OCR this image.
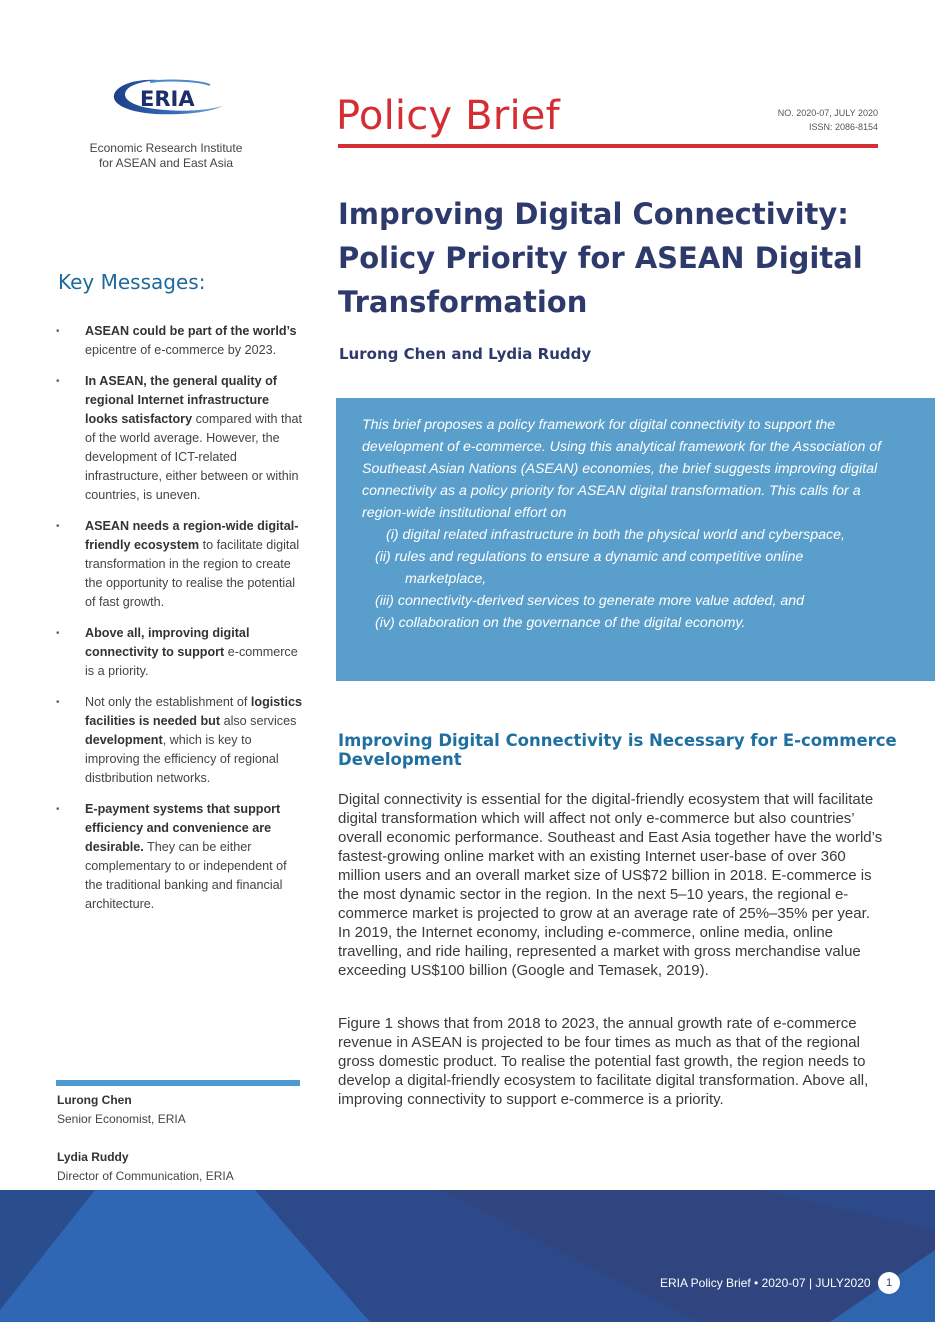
ERIA
Economic Research Institute
for ASEAN and East Asia
Policy Brief	NO. 2020-07, JULY 2020
ISSN: 2086-8154
Improving Digital Connectivity:
Policy Priority for ASEAN Digital
Transformation
Lurong Chen and Lydia Ruddy
Key Messages:
• ASEAN could be part of the world’s epicentre of e-commerce by 2023.
• In ASEAN, the general quality of regional Internet infrastructure looks satisfactory compared with that of the world average. However, the development of ICT-related infrastructure, either between or within countries, is uneven.
• ASEAN needs a region-wide digital-friendly ecosystem to facilitate digital transformation in the region to create the opportunity to realise the potential of fast growth.
• Above all, improving digital connectivity to support e-commerce is a priority.
• Not only the establishment of logistics facilities is needed but also services development, which is key to improving the efficiency of regional distbribution networks.
• E-payment systems that support efficiency and convenience are desirable. They can be either complementary to or independent of the traditional banking and financial architecture.
Lurong Chen
Senior Economist, ERIA
Lydia Ruddy
Director of Communication, ERIA
This brief proposes a policy framework for digital connectivity to support the development of e-commerce. Using this analytical framework for the Association of Southeast Asian Nations (ASEAN) economies, the brief suggests improving digital connectivity as a policy priority for ASEAN digital transformation. This calls for a region-wide institutional effort on
(i) digital related infrastructure in both the physical world and cyberspace,
(ii) rules and regulations to ensure a dynamic and competitive online
marketplace,
(iii) connectivity-derived services to generate more value added, and
(iv) collaboration on the governance of the digital economy.
Improving Digital Connectivity is Necessary for E-commerce Development
Digital connectivity is essential for the digital-friendly ecosystem that will facilitate digital transformation which will affect not only e-commerce but also countries’ overall economic performance. Southeast and East Asia together have the world’s fastest-growing online market with an existing Internet user-base of over 360 million users and an overall market size of US$72 billion in 2018. E-commerce is the most dynamic sector in the region. In the next 5–10 years, the regional e-commerce market is projected to grow at an average rate of 25%–35% per year. In 2019, the Internet economy, including e-commerce, online media, online travelling, and ride hailing, represented a market with gross merchandise value exceeding US$100 billion (Google and Temasek, 2019).
Figure 1 shows that from 2018 to 2023, the annual growth rate of e-commerce revenue in ASEAN is projected to be four times as much as that of the regional gross domestic product. To realise the potential fast growth, the region needs to develop a digital-friendly ecosystem to facilitate digital transformation. Above all, improving connectivity to support e-commerce is a priority.
ERIA Policy Brief • 2020-07 | JULY2020	1
